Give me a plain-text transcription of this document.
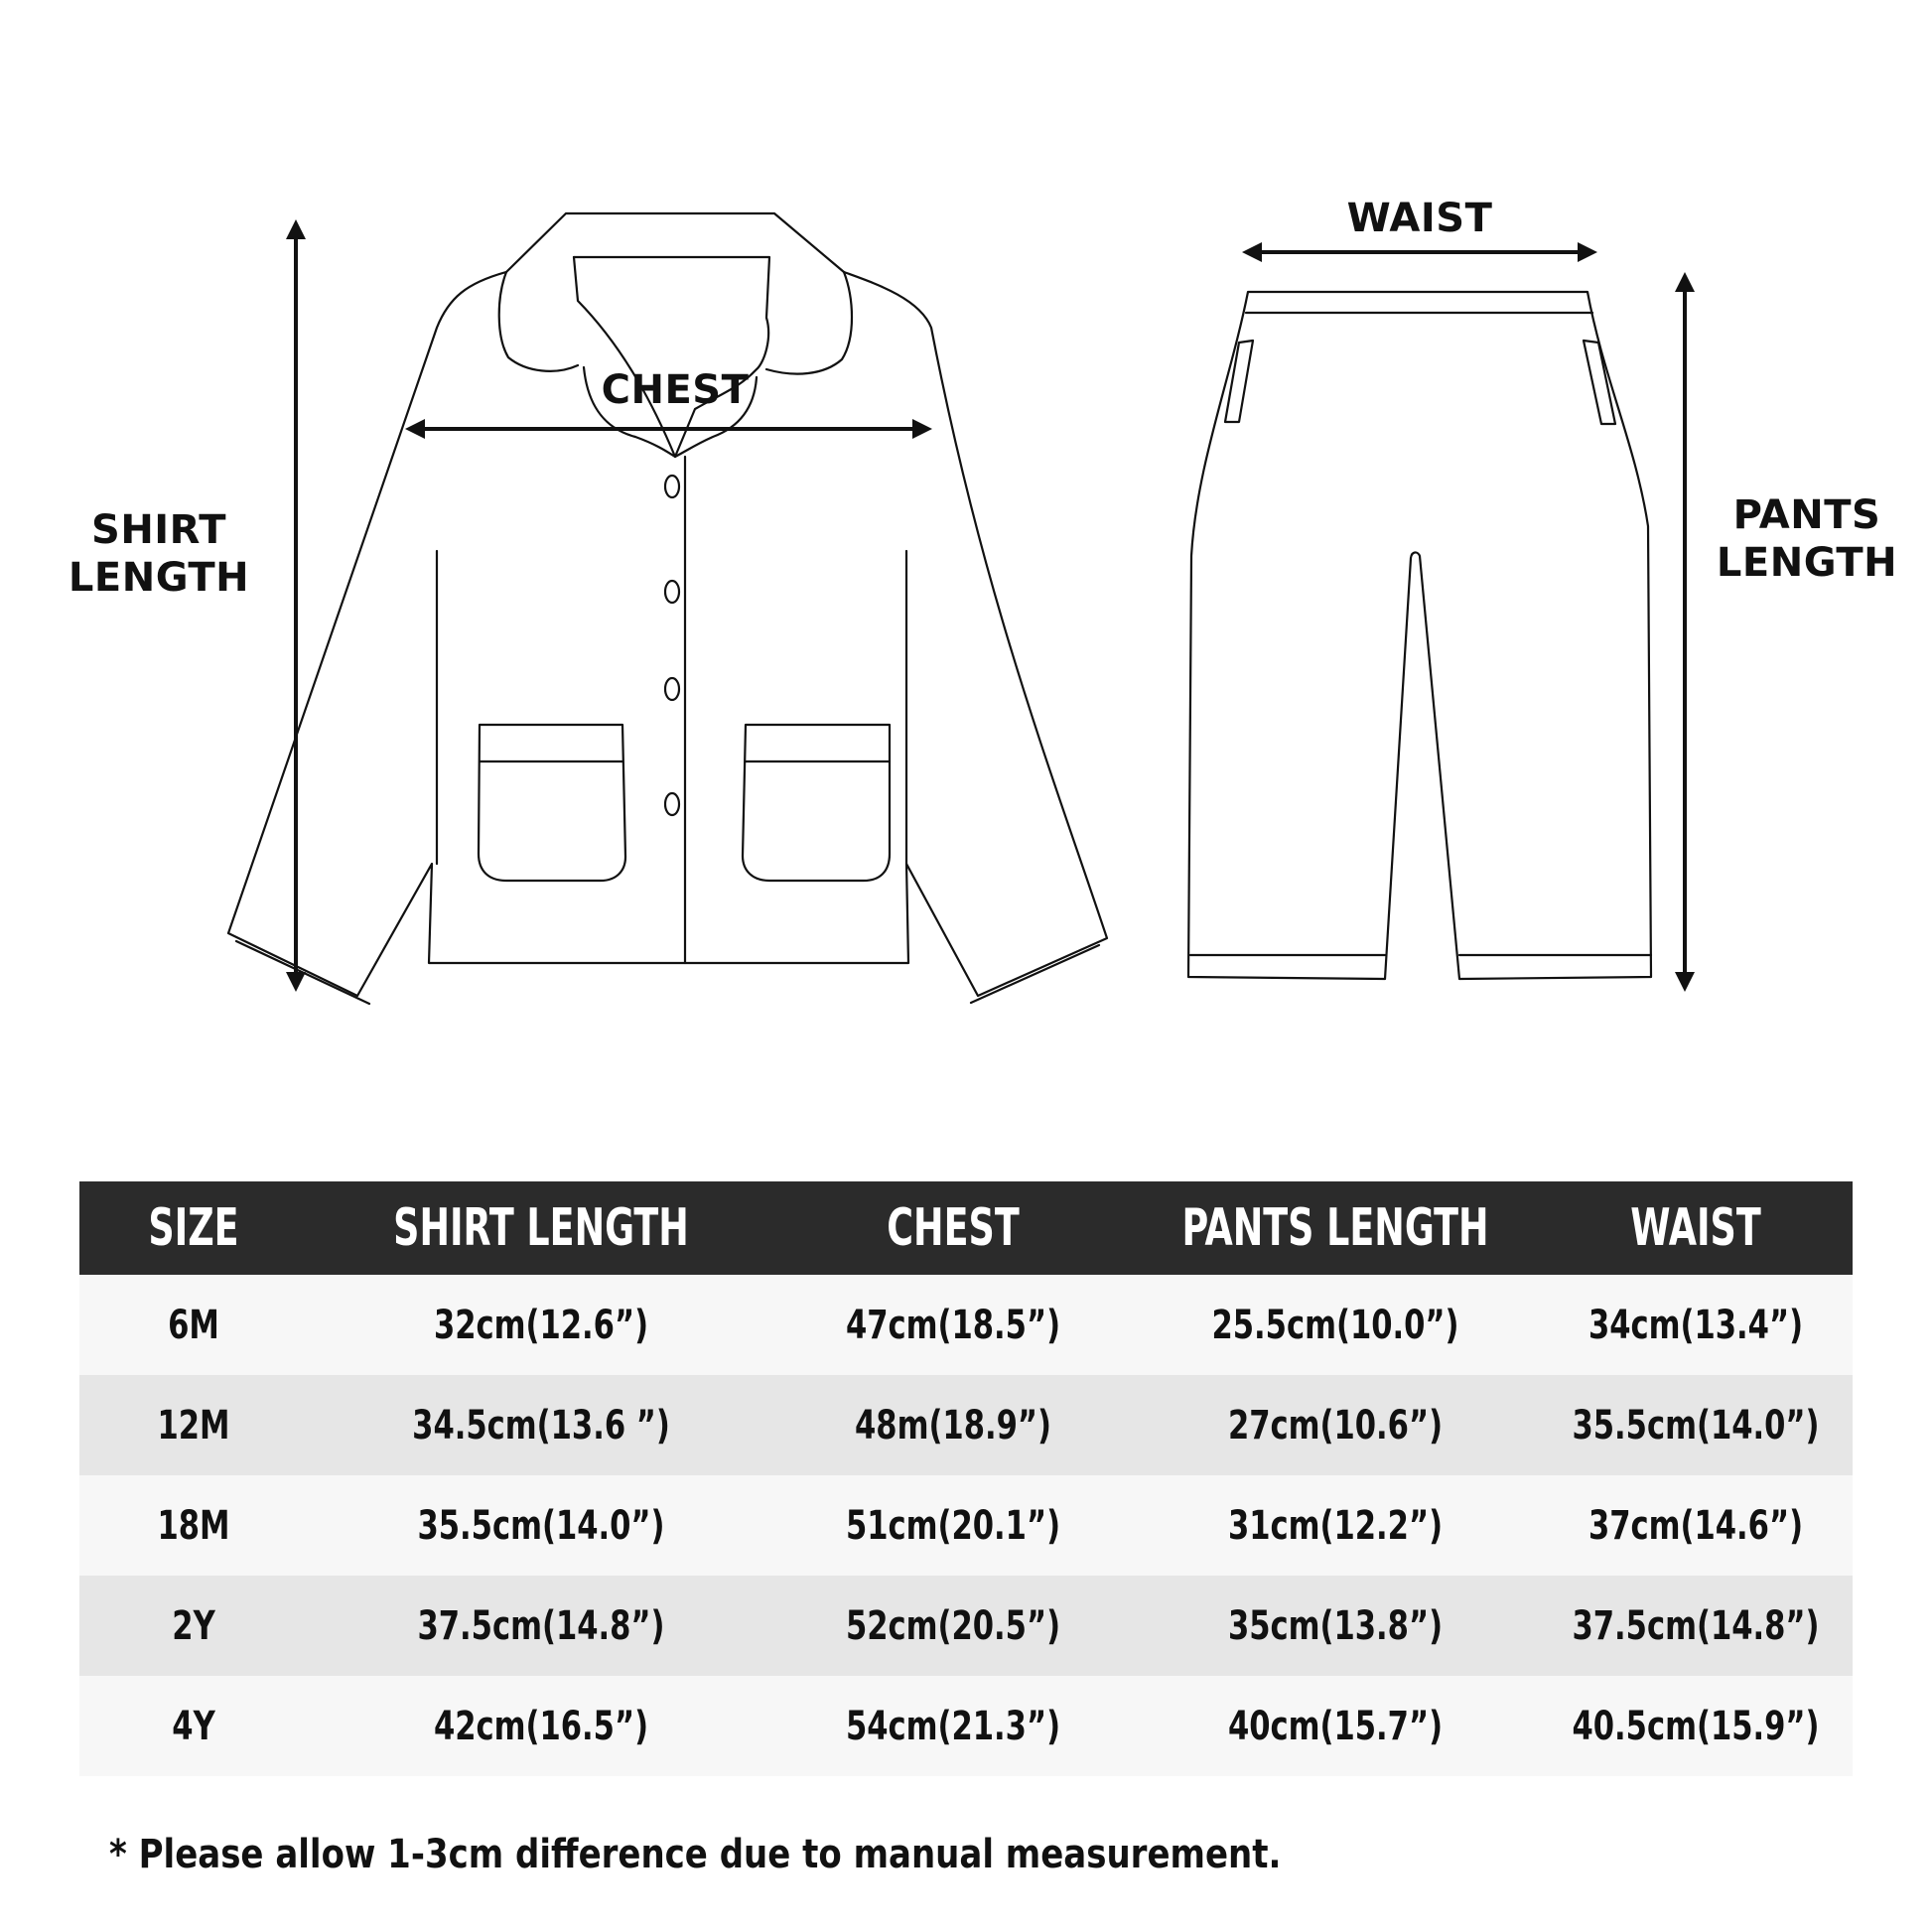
SHIRT
LENGTH
CHEST
WAIST
PANTS
LENGTH
SIZE	SHIRT LENGTH	CHEST	PANTS LENGTH	WAIST
6M	32cm(12.6”)	47cm(18.5”)	25.5cm(10.0”)	34cm(13.4”)
12M	34.5cm(13.6 ”)	48m(18.9”)	27cm(10.6”)	35.5cm(14.0”)
18M	35.5cm(14.0”)	51cm(20.1”)	31cm(12.2”)	37cm(14.6”)
2Y	37.5cm(14.8”)	52cm(20.5”)	35cm(13.8”)	37.5cm(14.8”)
4Y	42cm(16.5”)	54cm(21.3”)	40cm(15.7”)	40.5cm(15.9”)
* Please allow 1-3cm difference due to manual measurement.
